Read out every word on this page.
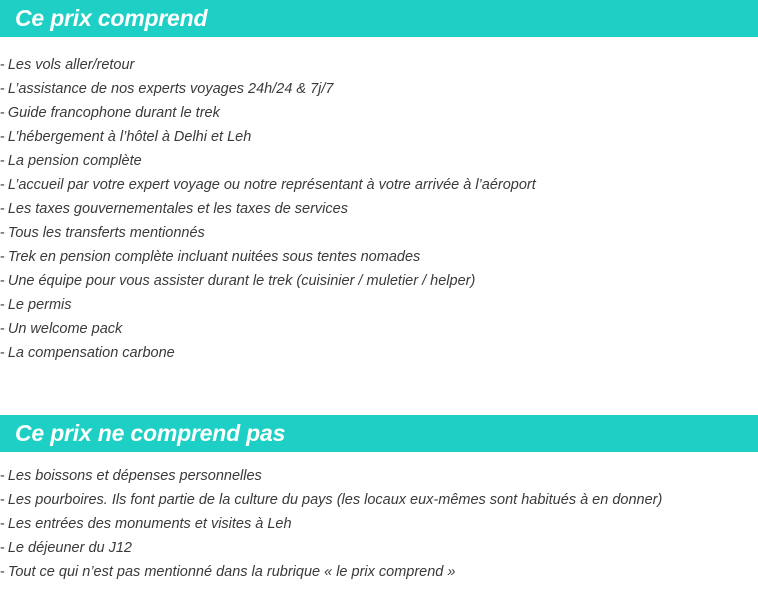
Ce prix comprend
- Les vols aller/retour
- L’assistance de nos experts voyages 24h/24 & 7j/7
- Guide francophone durant le trek
- L’hébergement à l’hôtel à Delhi et Leh
- La pension complète
- L’accueil par votre expert voyage ou notre représentant à votre arrivée à l’aéroport
- Les taxes gouvernementales et les taxes de services
- Tous les transferts mentionnés
- Trek en pension complète incluant nuitées sous tentes nomades
- Une équipe pour vous assister durant le trek (cuisinier / muletier / helper)
- Le permis
- Un welcome pack
- La compensation carbone
Ce prix ne comprend pas
- Les boissons et dépenses personnelles
- Les pourboires. Ils font partie de la culture du pays (les locaux eux-mêmes sont habitués à en donner)
- Les entrées des monuments et visites à Leh
- Le déjeuner du J12
- Tout ce qui n’est pas mentionné dans la rubrique « le prix comprend »
